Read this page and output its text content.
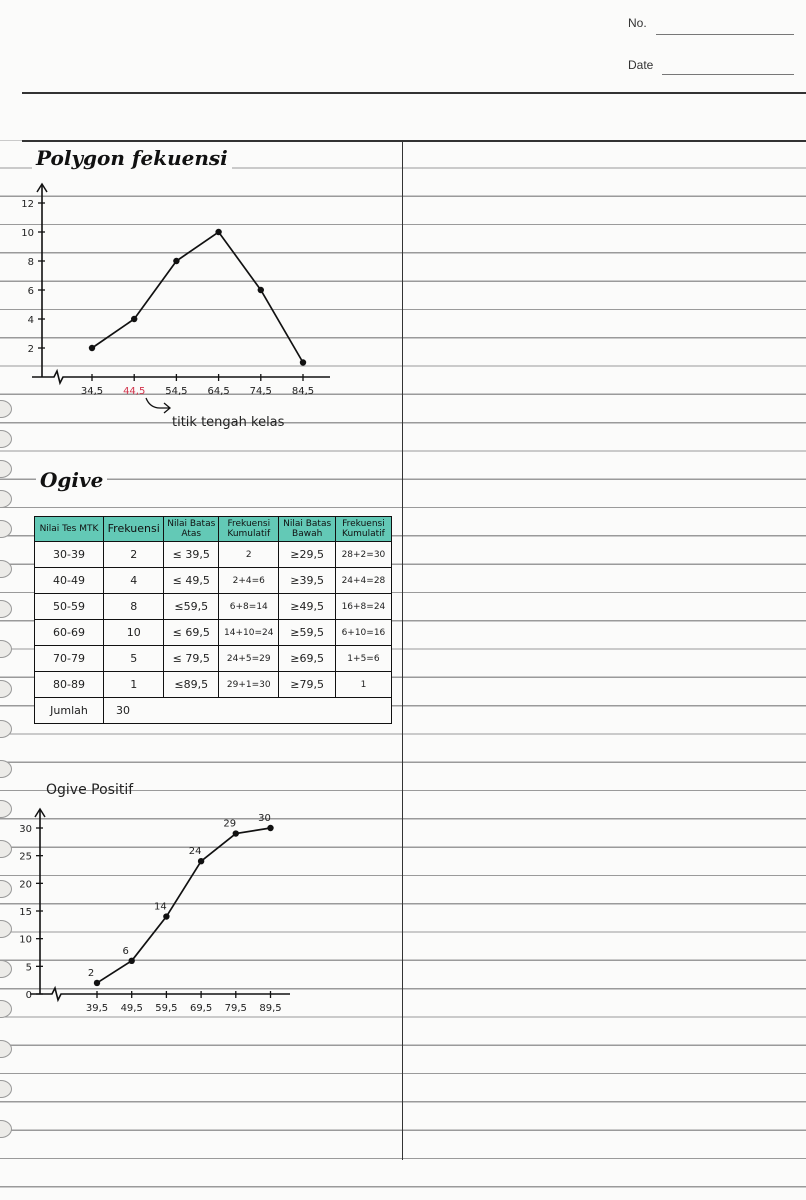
No.
Date
Polygon fekuensi
Ogive
2
4
6
8
10
12
34,5 44,5 54,5 64,5 74,5 84,5
titik tengah kelas
Ogive Positif
0
5
10
15
20
25
30
39,5 49,5 59,5 69,5 79,5 89,5
2
6
14
24
29
30
Nilai Tes MTK	Frekuensi	Nilai Batas Atas	Frekuensi Kumulatif	Nilai Batas Bawah	Frekuensi Kumulatif
30-39	2	≤ 39,5	2	≥29,5	28+2=30
40-49	4	≤ 49,5	2+4=6	≥39,5	24+4=28
50-59	8	≤59,5	6+8=14	≥49,5	16+8=24
60-69	10	≤ 69,5	14+10=24	≥59,5	6+10=16
70-79	5	≤ 79,5	24+5=29	≥69,5	1+5=6
80-89	1	≤89,5	29+1=30	≥79,5	1
Jumlah	30				
